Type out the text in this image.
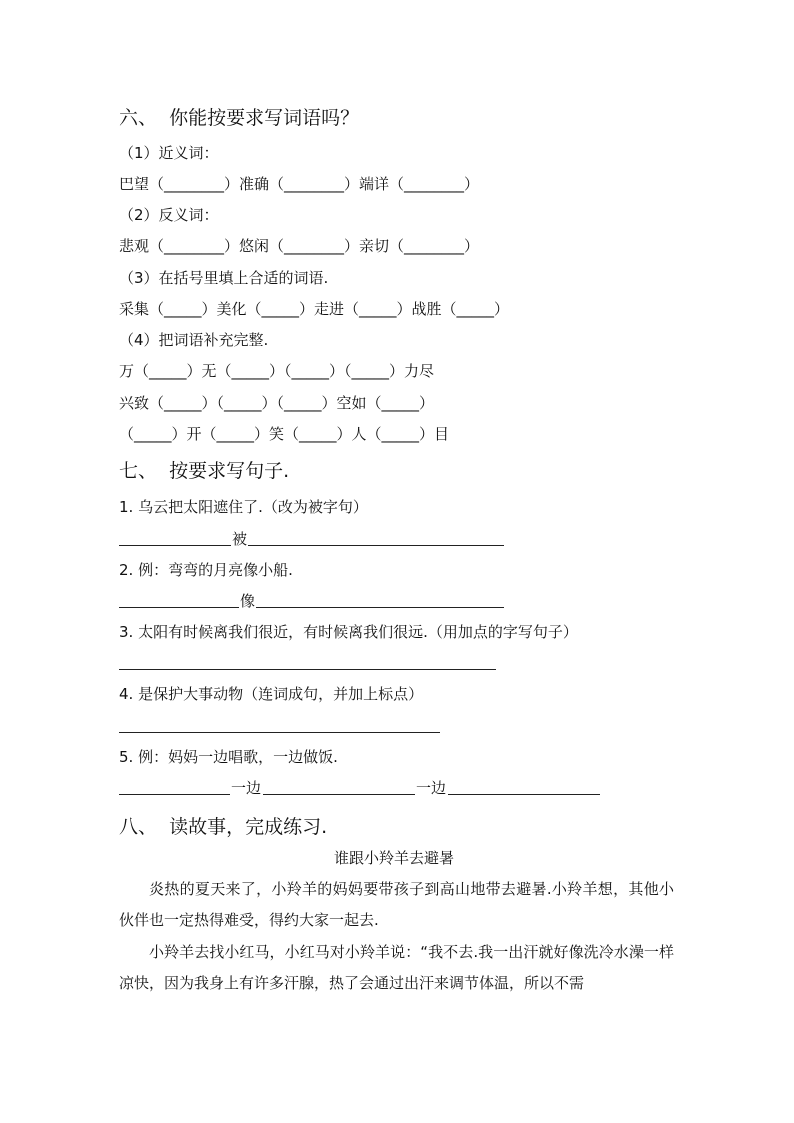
六、  你能按要求写词语吗？
（1）近义词：
巴望（________）准确（________）端详（________）
（2）反义词：
悲观（________）悠闲（________）亲切（________）
（3）在括号里填上合适的词语.
采集（_____）美化（_____）走进（_____）战胜（_____）
（4）把词语补充完整.
万（_____）无（_____）（_____）（_____）力尽
兴致（_____）（_____）（_____）空如（_____）
（_____）开（_____）笑（_____）人（_____）目
七、  按要求写句子.
1. 乌云把太阳遮住了.（改为被字句）
被
2. 例：弯弯的月亮像小船.
像
3. 太阳有时候离我们很近，有时候离我们很远.（用加点的字写句子）
4. 是保护大事动物（连词成句，并加上标点）
5. 例：妈妈一边唱歌，一边做饭.
一边	一边
八、  读故事，完成练习.
谁跟小羚羊去避暑
炎热的夏天来了，小羚羊的妈妈要带孩子到高山地带去避暑.小羚羊想，其他小伙伴也一定热得难受，得约大家一起去.
小羚羊去找小红马，小红马对小羚羊说：“我不去.我一出汗就好像洗冷水澡一样凉快，因为我身上有许多汗腺，热了会通过出汗来调节体温，所以不需
